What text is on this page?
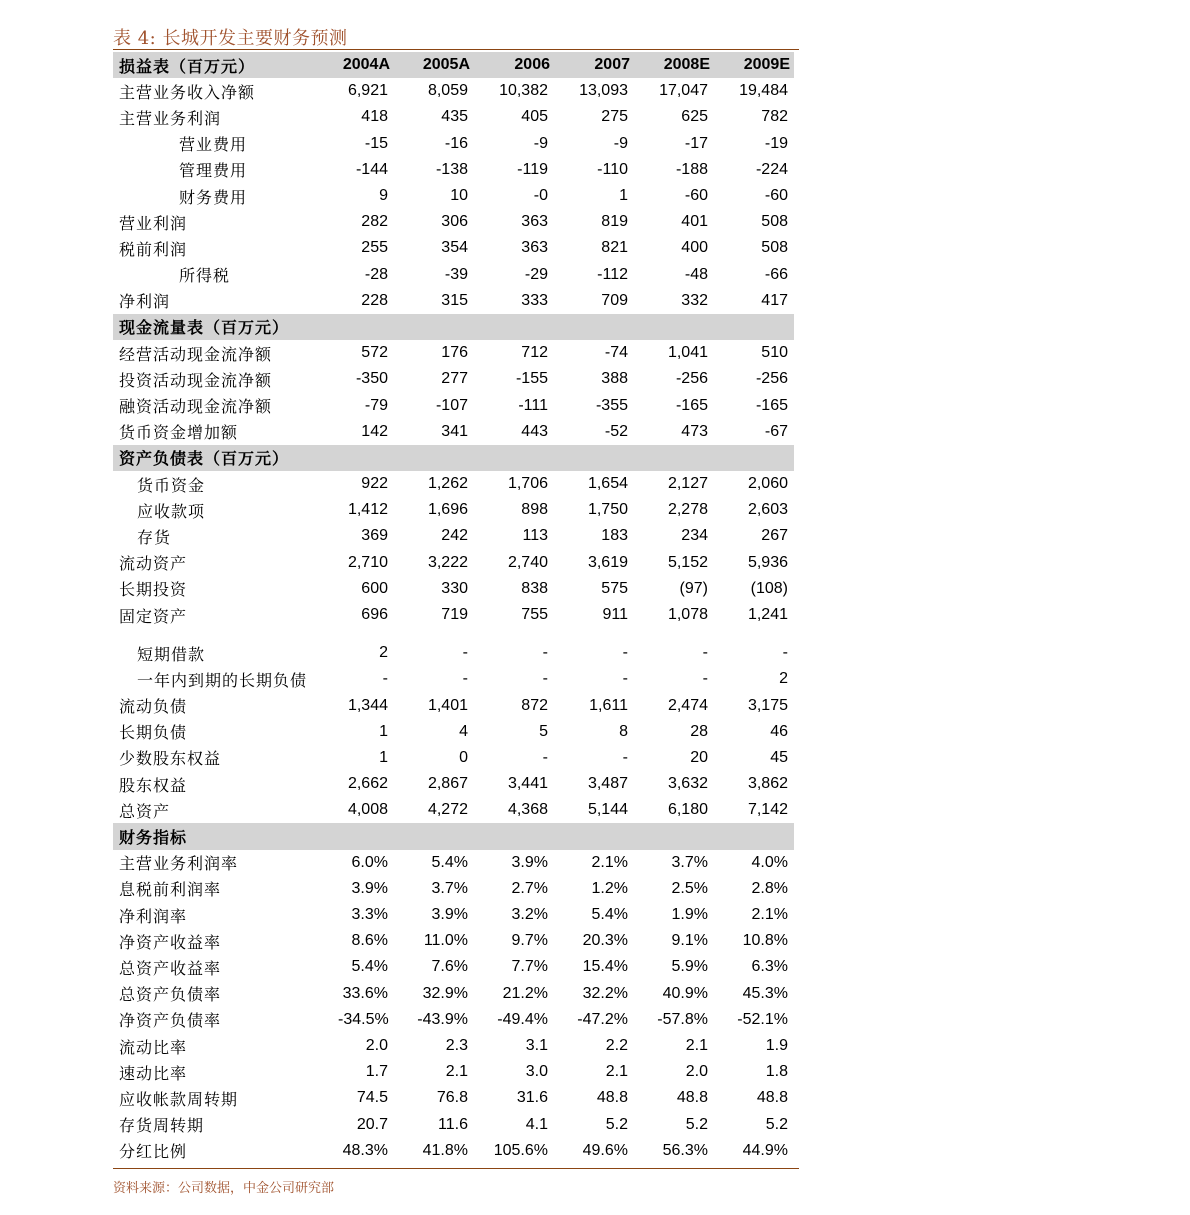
表 4: 长城开发主要财务预测
损益表（百万元）	2004A	2005A	2006	2007	2008E	2009E
主营业务收入净额	6,921	8,059	10,382	13,093	17,047	19,484
主营业务利润	418	435	405	275	625	782
营业费用	-15	-16	-9	-9	-17	-19
管理费用	-144	-138	-119	-110	-188	-224
财务费用	9	10	-0	1	-60	-60
营业利润	282	306	363	819	401	508
税前利润	255	354	363	821	400	508
所得税	-28	-39	-29	-112	-48	-66
净利润	228	315	333	709	332	417
现金流量表（百万元）						
经营活动现金流净额	572	176	712	-74	1,041	510
投资活动现金流净额	-350	277	-155	388	-256	-256
融资活动现金流净额	-79	-107	-111	-355	-165	-165
货币资金增加额	142	341	443	-52	473	-67
资产负债表（百万元）						
货币资金	922	1,262	1,706	1,654	2,127	2,060
应收款项	1,412	1,696	898	1,750	2,278	2,603
存货	369	242	113	183	234	267
流动资产	2,710	3,222	2,740	3,619	5,152	5,936
长期投资	600	330	838	575	(97)	(108)
固定资产	696	719	755	911	1,078	1,241

短期借款	2	-	-	-	-	-
一年内到期的长期负债	-	-	-	-	-	2
流动负债	1,344	1,401	872	1,611	2,474	3,175
长期负债	1	4	5	8	28	46
少数股东权益	1	0	-	-	20	45
股东权益	2,662	2,867	3,441	3,487	3,632	3,862
总资产	4,008	4,272	4,368	5,144	6,180	7,142
财务指标						
主营业务利润率	6.0%	5.4%	3.9%	2.1%	3.7%	4.0%
息税前利润率	3.9%	3.7%	2.7%	1.2%	2.5%	2.8%
净利润率	3.3%	3.9%	3.2%	5.4%	1.9%	2.1%
净资产收益率	8.6%	11.0%	9.7%	20.3%	9.1%	10.8%
总资产收益率	5.4%	7.6%	7.7%	15.4%	5.9%	6.3%
总资产负债率	33.6%	32.9%	21.2%	32.2%	40.9%	45.3%
净资产负债率	-34.5%	-43.9%	-49.4%	-47.2%	-57.8%	-52.1%
流动比率	2.0	2.3	3.1	2.2	2.1	1.9
速动比率	1.7	2.1	3.0	2.1	2.0	1.8
应收帐款周转期	74.5	76.8	31.6	48.8	48.8	48.8
存货周转期	20.7	11.6	4.1	5.2	5.2	5.2
分红比例	48.3%	41.8%	105.6%	49.6%	56.3%	44.9%
资料来源：公司数据，中金公司研究部
